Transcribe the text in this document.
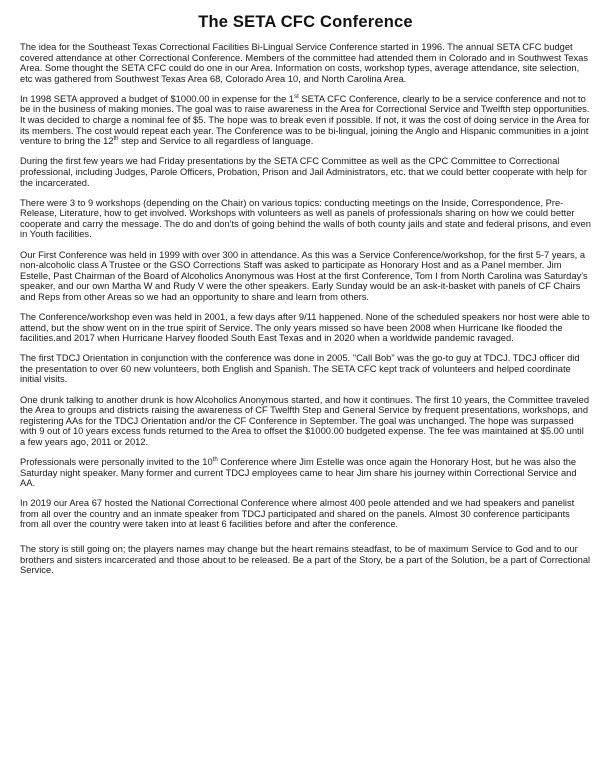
The SETA CFC Conference

The idea for the Southeast Texas Correctional Facilities Bi-Lingual Service Conference started in 1996. The annual SETA CFC budget covered attendance at other Correctional Conference. Members of the committee had attended them in Colorado and in Southwest Texas Area. Some thought the SETA CFC could do one in our Area. Information on costs, workshop types, average attendance, site selection, etc was gathered from Southwest Texas Area 68, Colorado Area 10, and North Carolina Area.

In 1998 SETA approved a budget of $1000.00 in expense for the 1st SETA CFC Conference, clearly to be a service conference and not to be in the business of making monies. The goal was to raise awareness in the Area for Correctional Service and Twelfth step opportunities. It was decided to charge a nominal fee of $5. The hope was to break even if possible. If not, it was the cost of doing service in the Area for its members. The cost would repeat each year. The Conference was to be bi-lingual, joining the Anglo and Hispanic communities in a joint venture to bring the 12th step and Service to all regardless of language.

During the first few years we had Friday presentations by the SETA CFC Committee as well as the CPC Committee to Correctional professional, including Judges, Parole Officers, Probation, Prison and Jail Administrators, etc. that we could better cooperate with help for the incarcerated.

There were 3 to 9 workshops (depending on the Chair) on various topics: conducting meetings on the Inside, Correspondence, Pre-Release, Literature, how to get involved. Workshops with volunteers as well as panels of professionals sharing on how we could better cooperate and carry the message. The do and don'ts of going behind the walls of both county jails and state and federal prisons, and even in Youth facilities.

Our First Conference was held in 1999 with over 300 in attendance. As this was a Service Conference/workshop, for the first 5-7 years, a non-alcoholic class A Trustee or the GSO Corrections Staff was asked to participate as Honorary Host and as a Panel member. Jim Estelle, Past Chairman of the Board of Alcoholics Anonymous was Host at the first Conference, Tom I from North Carolina was Saturday's speaker, and our own Martha W and Rudy V were the other speakers. Early Sunday would be an ask-it-basket with panels of CF Chairs and Reps from other Areas so we had an opportunity to share and learn from others.

The Conference/workshop even was held in 2001, a few days after 9/11 happened. None of the scheduled speakers nor host were able to attend, but the show went on in the true spirit of Service. The only years missed so have been 2008 when Hurricane Ike flooded the facilities.and 2017 when Hurricane Harvey flooded South East Texas and in 2020 when a worldwide pandemic ravaged.

The first TDCJ Orientation in conjunction with the conference was done in 2005. "Call Bob" was the go-to guy at TDCJ. TDCJ officer did the presentation to over 60 new volunteers, both English and Spanish. The SETA CFC kept track of volunteers and helped coordinate initial visits.

One drunk talking to another drunk is how Alcoholics Anonymous started, and how it continues. The first 10 years, the Committee traveled the Area to groups and districts raising the awareness of CF Twelfth Step and General Service by frequent presentations, workshops, and registering AAs for the TDCJ Orientation and/or the CF Conference in September. The goal was unchanged. The hope was surpassed with 9 out of 10 years excess funds returned to the Area to offset the $1000.00 budgeted expense. The fee was maintained at $5.00 until a few years ago, 2011 or 2012.

Professionals were personally invited to the 10th Conference where Jim Estelle was once again the Honorary Host, but he was also the Saturday night speaker. Many former and current TDCJ employees came to hear Jim share his journey within Correctional Service and AA.

In 2019 our Area 67 hosted the National Correctional Conference where almost 400 peole attended and we had speakers and panelist from all over the country and an inmate speaker from TDCJ participated and shared on the panels. Almost 30 conference participants from all over the country were taken into at least 6 facilities before and after the conference.

The story is still going on; the players names may change but the heart remains steadfast, to be of maximum Service to God and to our brothers and sisters incarcerated and those about to be released. Be a part of the Story, be a part of the Solution, be a part of Correctional Service.
